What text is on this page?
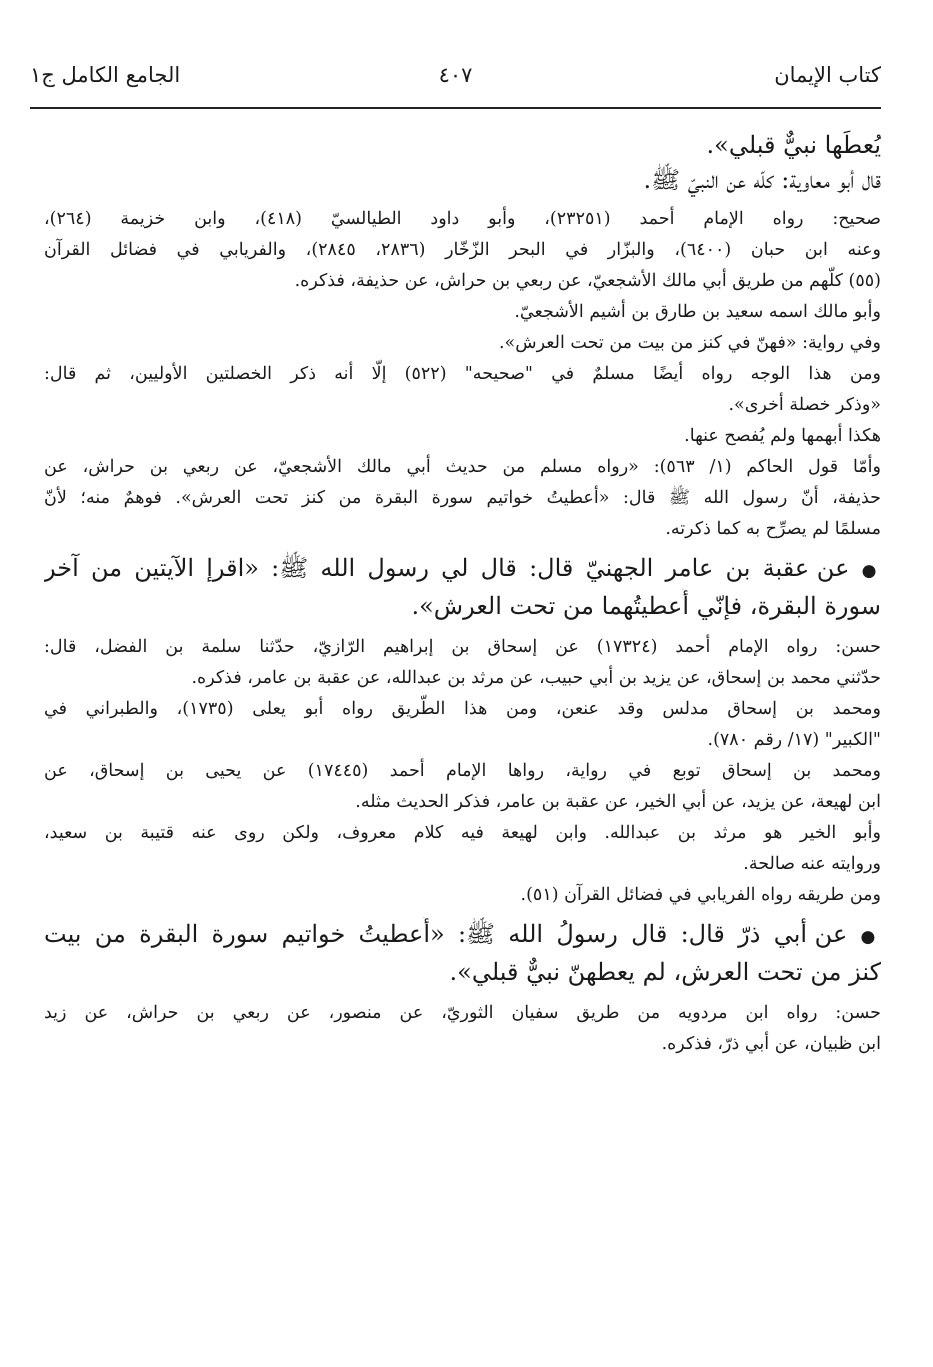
كتاب الإيمان
٤٠٧
الجامع الكامل ج١
يُعطَها نبيٌّ قبلي».
قال أبو معاوية: كلّه عن النبيّ ﷺ.
صحيح: رواه الإمام أحمد (٢٣٢٥١)، وأبو داود الطيالسيّ (٤١٨)، وابن خزيمة (٢٦٤)،
وعنه ابن حبان (٦٤٠٠)، والبزّار في البحر الزّخّار (٢٨٣٦، ٢٨٤٥)، والفريابي في فضائل القرآن
(٥٥) كلّهم من طريق أبي مالك الأشجعيّ، عن ربعي بن حراش، عن حذيفة، فذكره.
وأبو مالك اسمه سعيد بن طارق بن أشيم الأشجعيّ.
وفي رواية: «فهنّ في كنز من بيت من تحت العرش».
ومن هذا الوجه رواه أيضًا مسلمٌ في "صحيحه" (٥٢٢) إلّا أنه ذكر الخصلتين الأوليين، ثم قال:
«وذكر خصلة أخرى».
هكذا أبهمها ولم يُفصح عنها.
وأمّا قول الحاكم (١/ ٥٦٣): «رواه مسلم من حديث أبي مالك الأشجعيّ، عن ربعي بن حراش، عن
حذيفة، أنّ رسول الله ﷺ قال: «أعطيتُ خواتيم سورة البقرة من كنز تحت العرش». فوهمٌ منه؛ لأنّ
مسلمًا لم يصرِّح به كما ذكرته.
● عن عقبة بن عامر الجهنيّ قال: قال لي رسول الله ﷺ: «اقرإ الآيتين من آخر
سورة البقرة، فإنّي أُعطيتُهما من تحت العرش».
حسن: رواه الإمام أحمد (١٧٣٢٤) عن إسحاق بن إبراهيم الرّازيّ، حدّثنا سلمة بن الفضل، قال:
حدّثني محمد بن إسحاق، عن يزيد بن أبي حبيب، عن مرثد بن عبدالله، عن عقبة بن عامر، فذكره.
ومحمد بن إسحاق مدلس وقد عنعن، ومن هذا الطّريق رواه أبو يعلى (١٧٣٥)، والطبراني في
"الكبير" (١٧/ رقم ٧٨٠).
ومحمد بن إسحاق توبع في رواية، رواها الإمام أحمد (١٧٤٤٥) عن يحيى بن إسحاق، عن
ابن لهيعة، عن يزيد، عن أبي الخير، عن عقبة بن عامر، فذكر الحديث مثله.
وأبو الخير هو مرثد بن عبدالله. وابن لهيعة فيه كلام معروف، ولكن روى عنه قتيبة بن سعيد،
وروايته عنه صالحة.
ومن طريقه رواه الفريابي في فضائل القرآن (٥١).
● عن أبي ذرّ قال: قال رسولُ الله ﷺ: «أُعطيتُ خواتيم سورة البقرة من بيت
كنز من تحت العرش، لم يعطهنّ نبيٌّ قبلي».
حسن: رواه ابن مردويه من طريق سفيان الثوريّ، عن منصور، عن ربعي بن حراش، عن زيد
ابن ظبيان، عن أبي ذرّ، فذكره.
